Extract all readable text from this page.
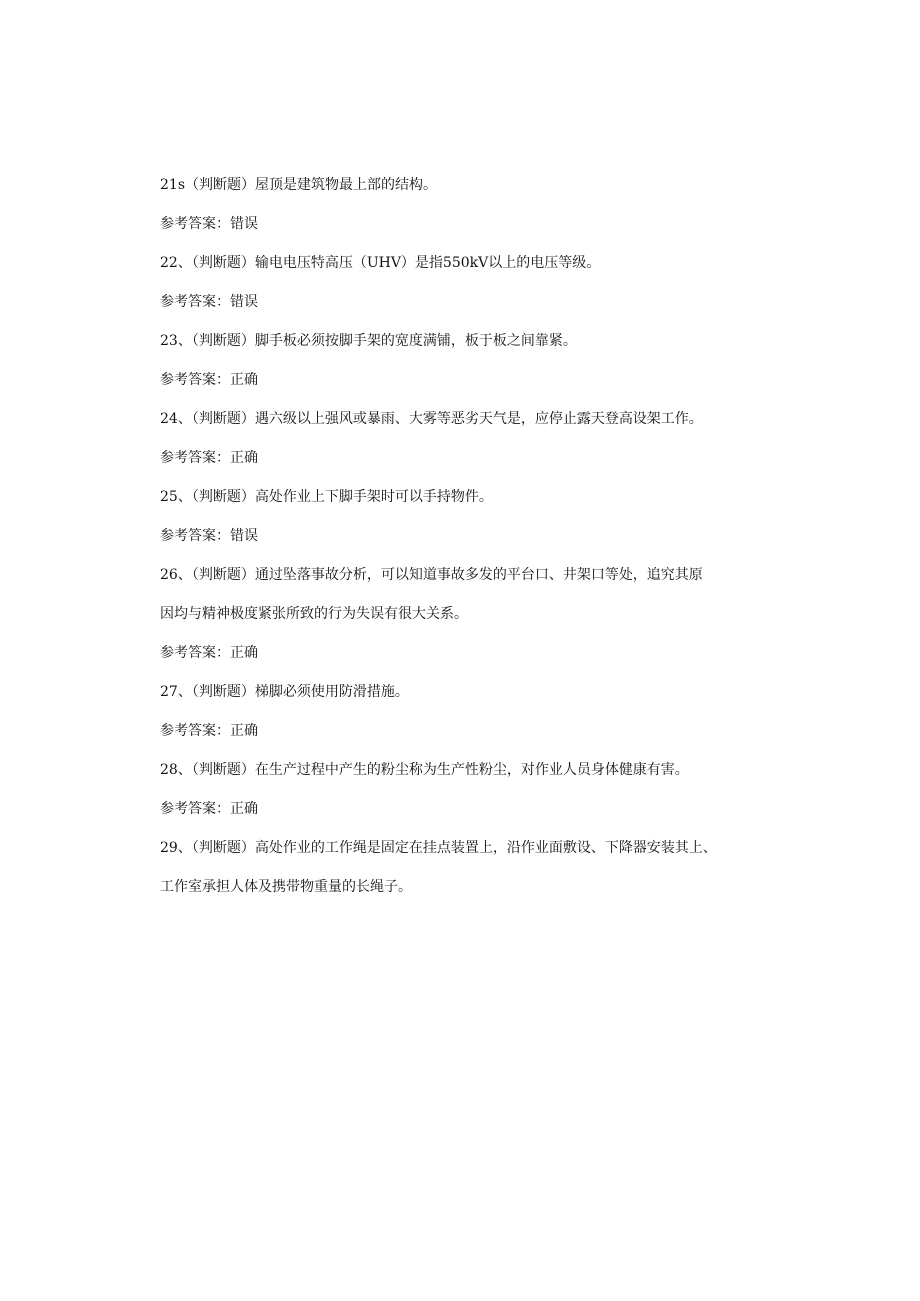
21s（判断题）屋顶是建筑物最上部的结构。
参考答案：错误
22、（判断题）输电电压特高压（UHV）是指550kV以上的电压等级。
参考答案：错误
23、（判断题）脚手板必须按脚手架的宽度满铺，板于板之间靠紧。
参考答案：正确
24、（判断题）遇六级以上强风或暴雨、大雾等恶劣天气是，应停止露天登高设架工作。
参考答案：正确
25、（判断题）高处作业上下脚手架时可以手持物件。
参考答案：错误
26、（判断题）通过坠落事故分析，可以知道事故多发的平台口、井架口等处，追究其原
因均与精神极度紧张所致的行为失误有很大关系。
参考答案：正确
27、（判断题）梯脚必须使用防滑措施。
参考答案：正确
28、（判断题）在生产过程中产生的粉尘称为生产性粉尘，对作业人员身体健康有害。
参考答案：正确
29、（判断题）高处作业的工作绳是固定在挂点装置上，沿作业面敷设、下降器安装其上、
工作室承担人体及携带物重量的长绳子。
